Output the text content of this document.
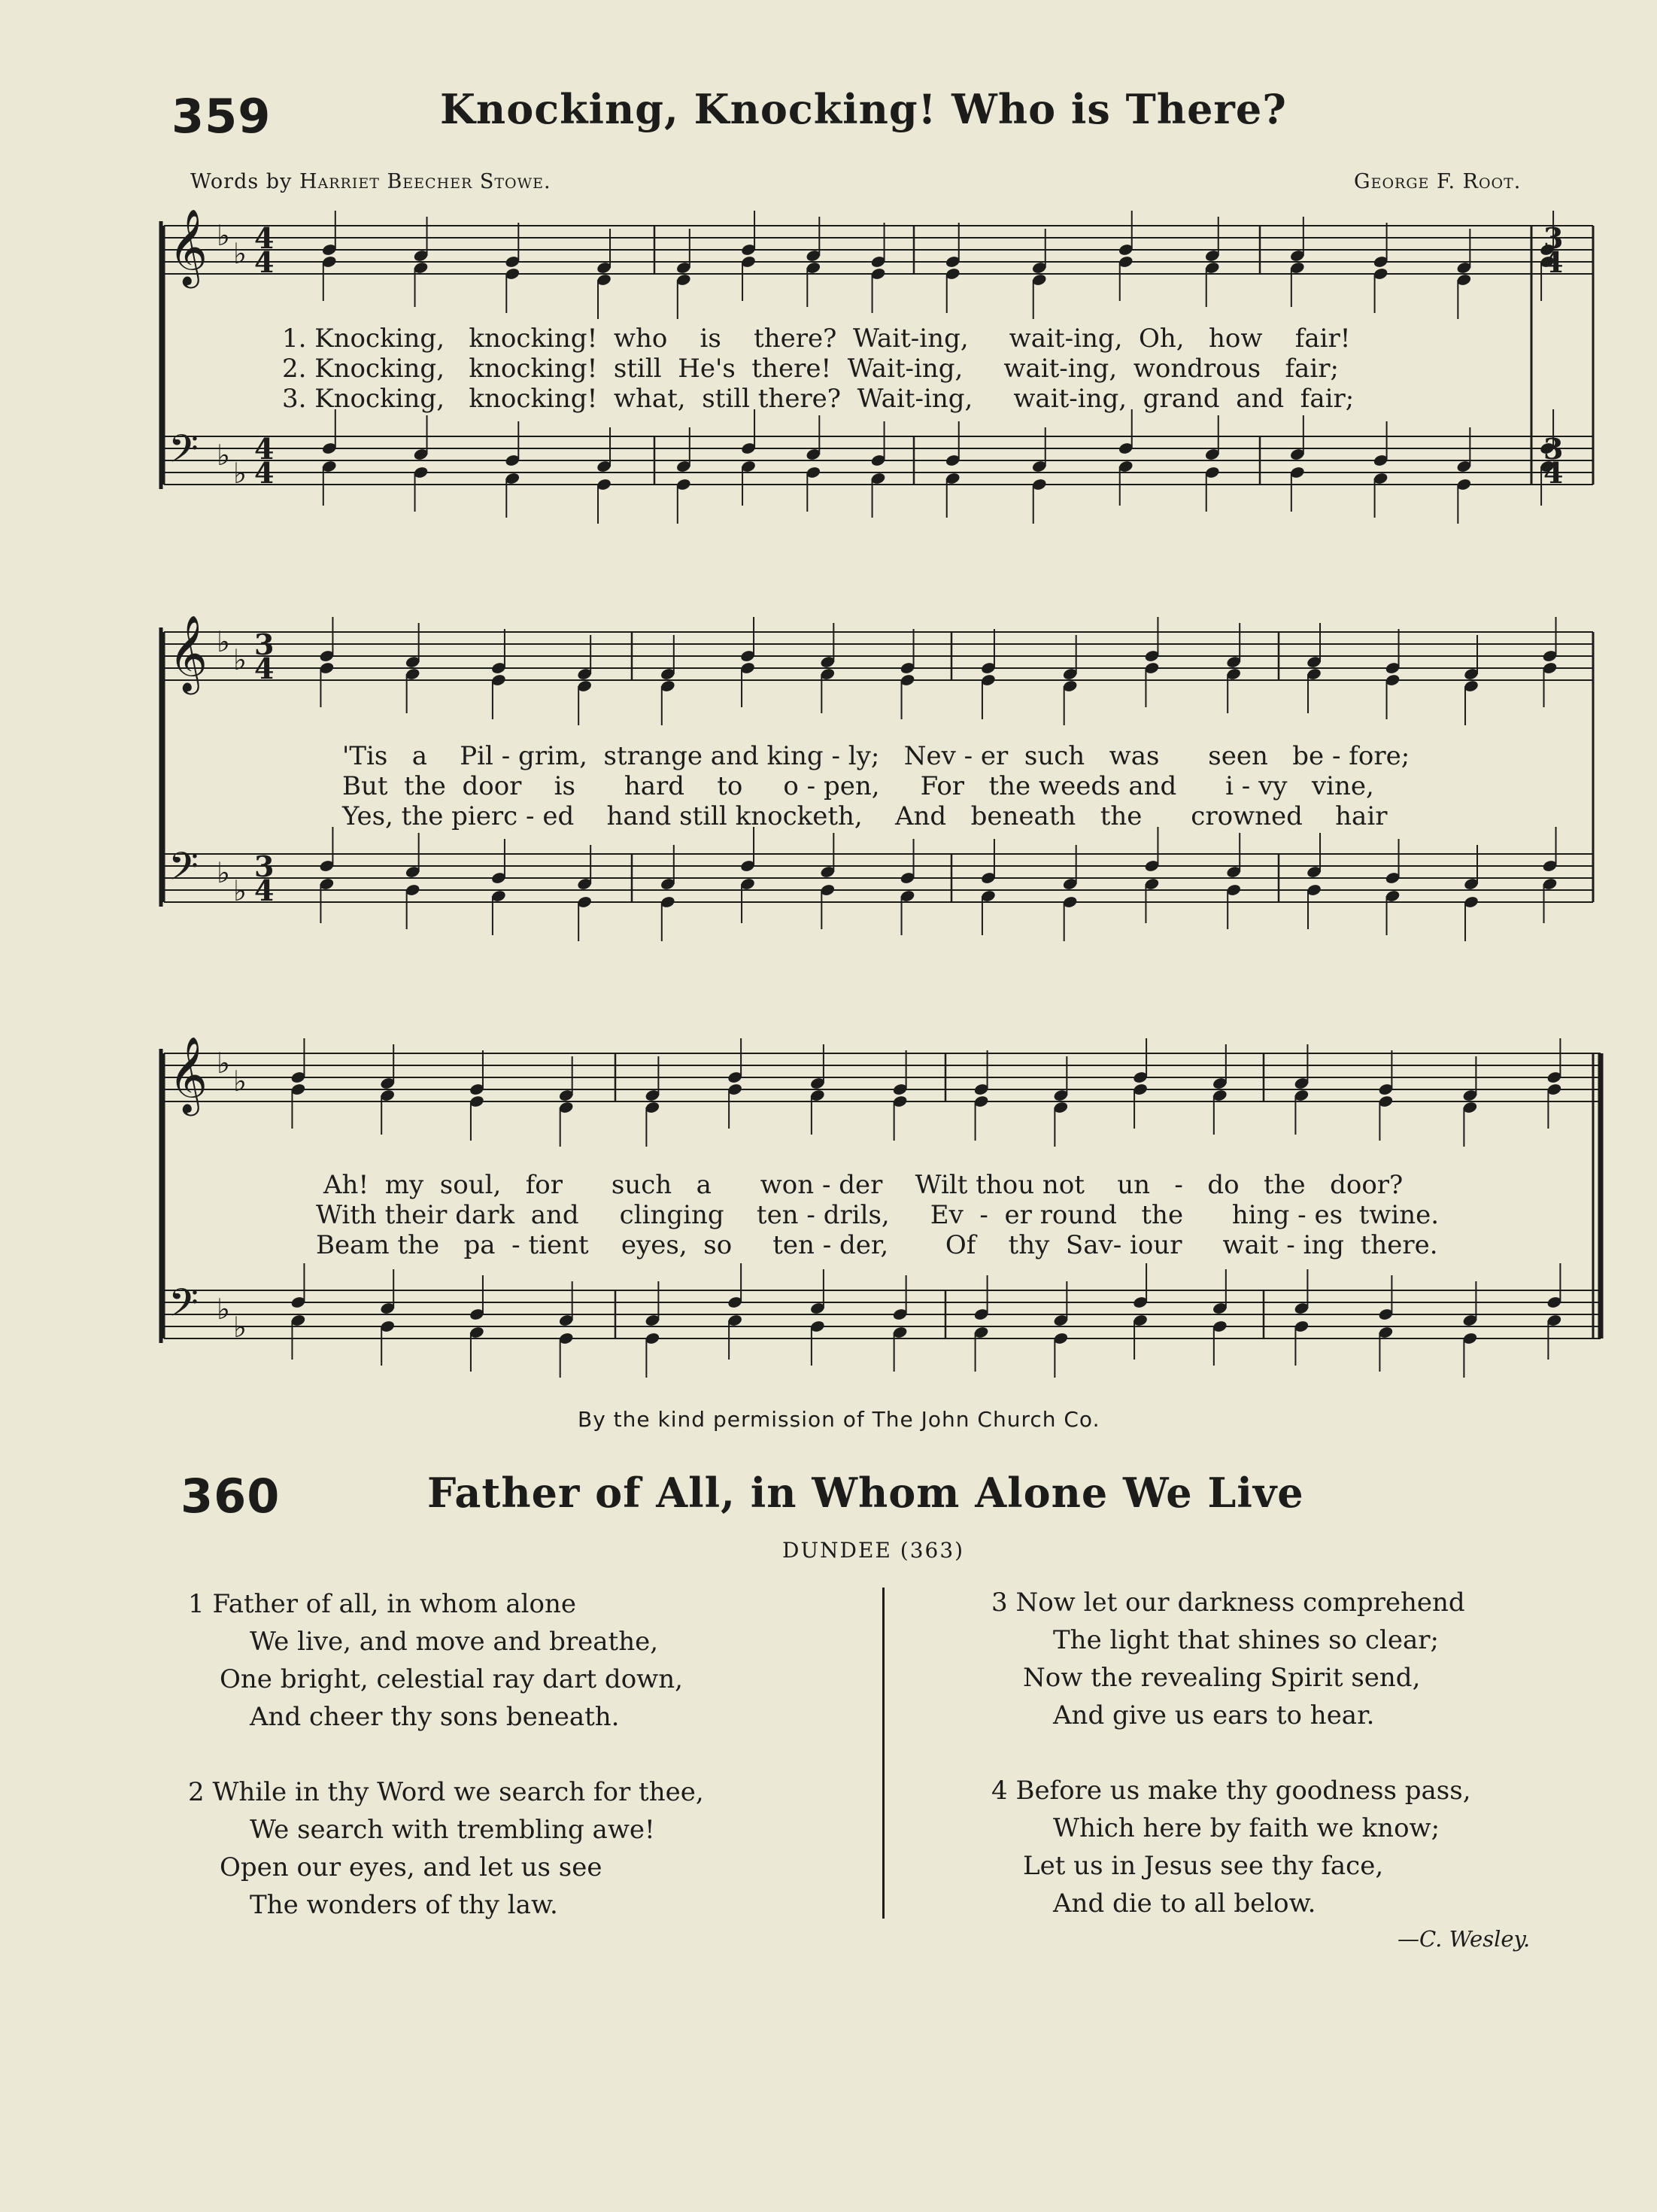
359	Knocking, Knocking! Who is There?
Words by Harriet Beecher Stowe.	George F. Root.
𝄞
𝄢
♭
♭
♭
♭
4
4
4
4
3
4
3
4
𝄞
𝄢
♭
♭
♭
♭
3
4
3
4
𝄞
𝄢
♭
♭
♭
♭
1. Knocking,   knocking!  who    is    there?  Wait-ing,     wait-ing,  Oh,   how    fair!
2. Knocking,   knocking!  still  He's  there!  Wait-ing,     wait-ing,  wondrous   fair;
3. Knocking,   knocking!  what,  still there?  Wait-ing,     wait-ing,  grand  and  fair;
'Tis   a    Pil - grim,  strange and king - ly;   Nev - er  such   was      seen   be - fore;
But  the  door    is      hard    to     o - pen,     For   the weeds and      i - vy   vine,
Yes, the pierc - ed    hand still knocketh,    And   beneath   the      crowned    hair
Ah!  my  soul,   for      such   a      won - der    Wilt thou not    un   -   do   the   door?
With their dark  and     clinging    ten - drils,     Ev  -  er round   the      hing - es  twine.
Beam the   pa  - tient    eyes,  so     ten - der,       Of    thy  Sav- iour     wait - ing  there.
By the kind permission of The John Church Co.
360	Father of All, in Whom Alone We Live
DUNDEE (363)
1 Father of all, in whom alone
We live, and move and breathe,
One bright, celestial ray dart down,
And cheer thy sons beneath.
2 While in thy Word we search for thee,
We search with trembling awe!
Open our eyes, and let us see
The wonders of thy law.
3 Now let our darkness comprehend
The light that shines so clear;
Now the revealing Spirit send,
And give us ears to hear.
4 Before us make thy goodness pass,
Which here by faith we know;
Let us in Jesus see thy face,
And die to all below.
—C. Wesley.
